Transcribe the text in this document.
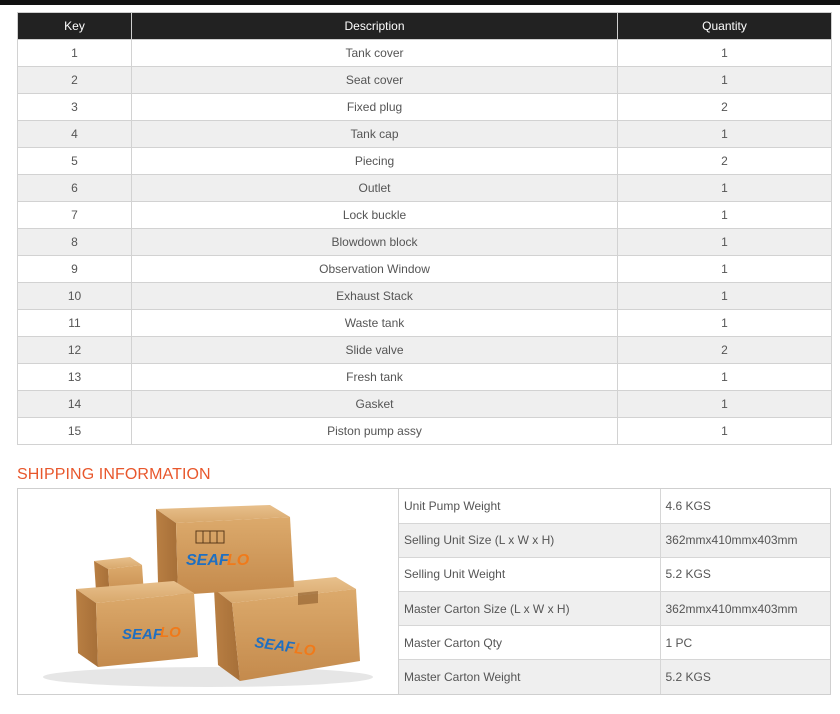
Key	Description	Quantity
1	Tank cover	1
2	Seat cover	1
3	Fixed plug	2
4	Tank cap	1
5	Piecing	2
6	Outlet	1
7	Lock buckle	1
8	Blowdown block	1
9	Observation Window	1
10	Exhaust Stack	1
11	Waste tank	1
12	Slide valve	2
13	Fresh tank	1
14	Gasket	1
15	Piston pump assy	1
SHIPPING INFORMATION
SEAF
LO
SEAF
LO
SEAF
LO
Unit Pump Weight	4.6 KGS
Selling Unit Size (L x W x H)	362mmx410mmx403mm
Selling Unit Weight	5.2 KGS
Master Carton Size (L x W x H)	362mmx410mmx403mm
Master Carton Qty	1 PC
Master Carton Weight	5.2 KGS
